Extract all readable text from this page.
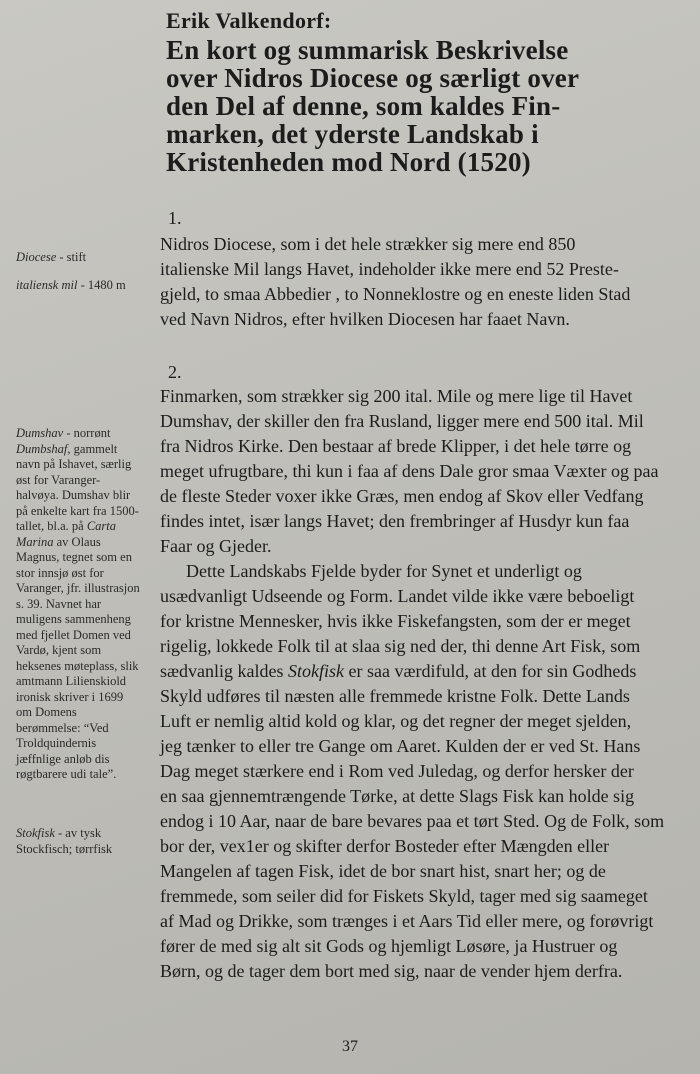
Erik Valkendorf:
En kort og summarisk Beskrivelse
over Nidros Diocese og særligt over
den Del af denne, som kaldes Fin-
marken, det yderste Landskab i
Kristenheden mod Nord (1520)
1.
Nidros Diocese, som i det hele strækker sig mere end 850
italienske Mil langs Havet, indeholder ikke mere end 52 Preste-
gjeld, to smaa Abbedier , to Nonneklostre og en eneste liden Stad
ved Navn Nidros, efter hvilken Diocesen har faaet Navn.
2.
Finmarken, som strækker sig 200 ital. Mile og mere lige til Havet
Dumshav, der skiller den fra Rusland, ligger mere end 500 ital. Mil
fra Nidros Kirke. Den bestaar af brede Klipper, i det hele tørre og
meget ufrugtbare, thi kun i faa af dens Dale gror smaa Væxter og paa
de fleste Steder voxer ikke Græs, men endog af Skov eller Vedfang
findes intet, især langs Havet; den frembringer af Husdyr kun faa
Faar og Gjeder.
Dette Landskabs Fjelde byder for Synet et underligt og
usædvanligt Udseende og Form. Landet vilde ikke være beboeligt
for kristne Mennesker, hvis ikke Fiskefangsten, som der er meget
rigelig, lokkede Folk til at slaa sig ned der, thi denne Art Fisk, som
sædvanlig kaldes Stokfisk er saa værdifuld, at den for sin Godheds
Skyld udføres til næsten alle fremmede kristne Folk. Dette Lands
Luft er nemlig altid kold og klar, og det regner der meget sjelden,
jeg tænker to eller tre Gange om Aaret. Kulden der er ved St. Hans
Dag meget stærkere end i Rom ved Juledag, og derfor hersker der
en saa gjennemtrængende Tørke, at dette Slags Fisk kan holde sig
endog i 10 Aar, naar de bare bevares paa et tørt Sted. Og de Folk, som
bor der, vex1er og skifter derfor Bosteder efter Mængden eller
Mangelen af tagen Fisk, idet de bor snart hist, snart her; og de
fremmede, som seiler did for Fiskets Skyld, tager med sig saameget
af Mad og Drikke, som trænges i et Aars Tid eller mere, og forøvrigt
fører de med sig alt sit Gods og hjemligt Løsøre, ja Hustruer og
Børn, og de tager dem bort med sig, naar de vender hjem derfra.
Diocese - stift
italiensk mil - 1480 m
Dumshav - norrønt Dumbshaf, gammelt navn på Ishavet, særlig øst for Varanger-halvøya. Dumshav blir på enkelte kart fra 1500-tallet, bl.a. på Carta Marina av Olaus Magnus, tegnet som en stor innsjø øst for Varanger, jfr. illustrasjon s. 39. Navnet har muligens sammenheng med fjellet Domen ved Vardø, kjent som heksenes møteplass, slik amtmann Lilienskiold ironisk skriver i 1699 om Domens berømmelse: “Ved Troldquindernis jæffnlige anløb dis røgtbarere udi tale”.
Stokfisk - av tysk Stockfisch; tørrfisk
37
